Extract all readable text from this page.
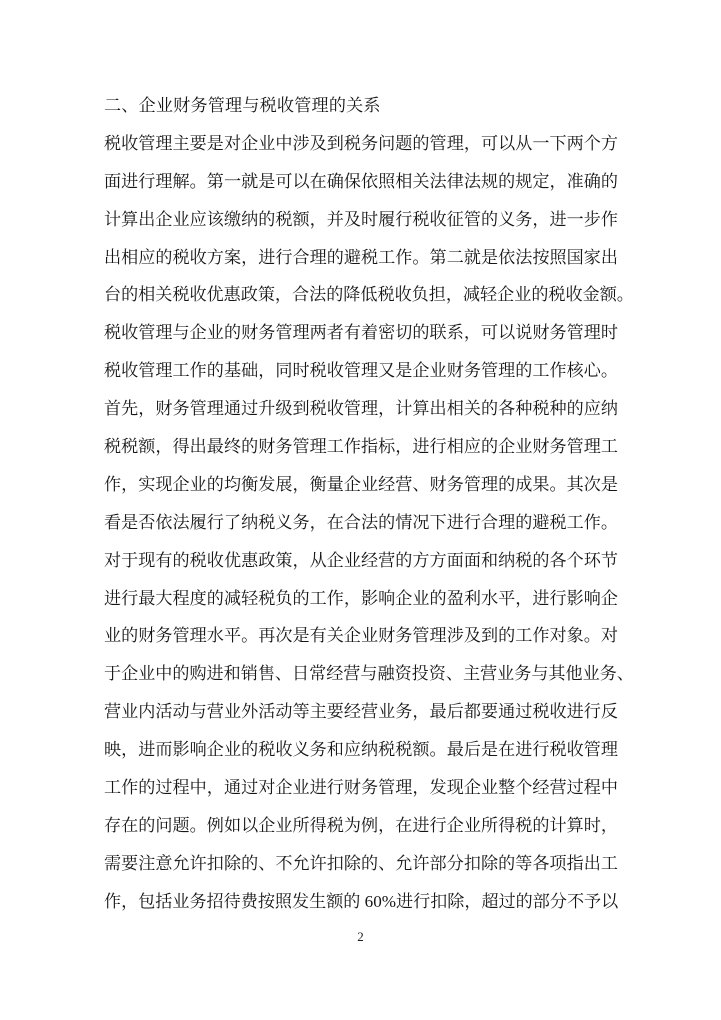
二、企业财务管理与税收管理的关系
税收管理主要是对企业中涉及到税务问题的管理，可以从一下两个方
面进行理解。第一就是可以在确保依照相关法律法规的规定，准确的
计算出企业应该缴纳的税额，并及时履行税收征管的义务，进一步作
出相应的税收方案，进行合理的避税工作。第二就是依法按照国家出
台的相关税收优惠政策，合法的降低税收负担，减轻企业的税收金额。
税收管理与企业的财务管理两者有着密切的联系，可以说财务管理时
税收管理工作的基础，同时税收管理又是企业财务管理的工作核心。
首先，财务管理通过升级到税收管理，计算出相关的各种税种的应纳
税税额，得出最终的财务管理工作指标，进行相应的企业财务管理工
作，实现企业的均衡发展，衡量企业经营、财务管理的成果。其次是
看是否依法履行了纳税义务，在合法的情况下进行合理的避税工作。
对于现有的税收优惠政策，从企业经营的方方面面和纳税的各个环节
进行最大程度的减轻税负的工作，影响企业的盈利水平，进行影响企
业的财务管理水平。再次是有关企业财务管理涉及到的工作对象。对
于企业中的购进和销售、日常经营与融资投资、主营业务与其他业务、
营业内活动与营业外活动等主要经营业务，最后都要通过税收进行反
映，进而影响企业的税收义务和应纳税税额。最后是在进行税收管理
工作的过程中，通过对企业进行财务管理，发现企业整个经营过程中
存在的问题。例如以企业所得税为例，在进行企业所得税的计算时，
需要注意允许扣除的、不允许扣除的、允许部分扣除的等各项指出工
作，包括业务招待费按照发生额的 60%进行扣除，超过的部分不予以
2
